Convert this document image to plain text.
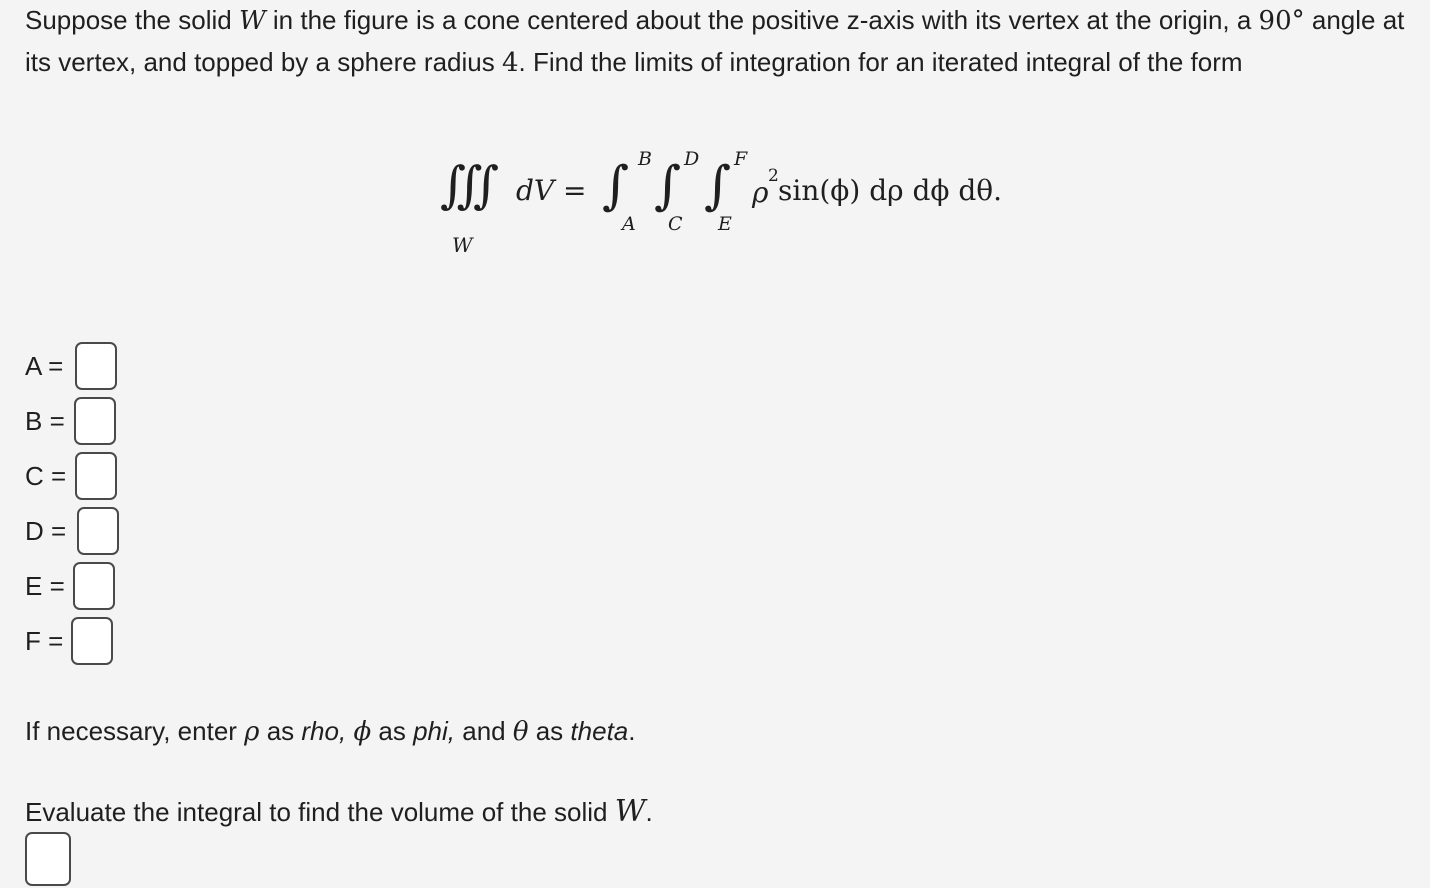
Suppose the solid W in the figure is a cone centered about the positive z-axis with its vertex at the origin, a 90° angle at its vertex, and topped by a sphere radius 4. Find the limits of integration for an iterated integral of the form
∭
W
dV = ∫ B
A
∫ D
C
∫ F
E
ρ 2 sin(ϕ) dρ dϕ dθ.
A =
B =
C =
D =
E =
F =
If necessary, enter ρ as rho, ϕ as phi, and θ as theta.
Evaluate the integral to find the volume of the solid W.
